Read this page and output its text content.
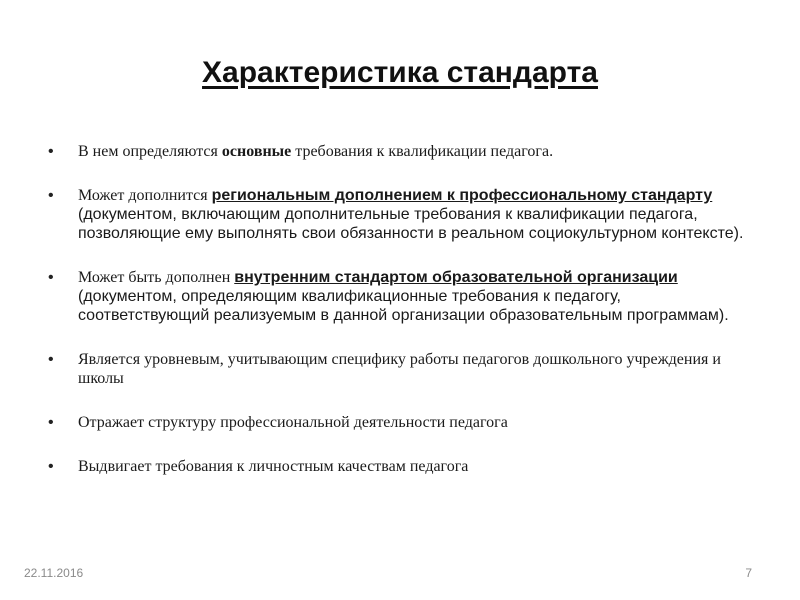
Характеристика стандарта
• В нем определяются основные требования к квалификации педагога.
• Может дополнится региональным дополнением к профессиональному стандарту (документом, включающим дополнительные требования к квалификации педагога, позволяющие ему выполнять свои обязанности в реальном социокультурном контексте).
• Может быть дополнен внутренним стандартом образовательной организации (документом, определяющим квалификационные требования к педагогу, соответствующий реализуемым в данной организации образовательным программам).
• Является уровневым, учитывающим специфику работы педагогов дошкольного учреждения и школы
• Отражает структуру профессиональной деятельности педагога
• Выдвигает требования к личностным качествам педагога
22.11.2016	7
